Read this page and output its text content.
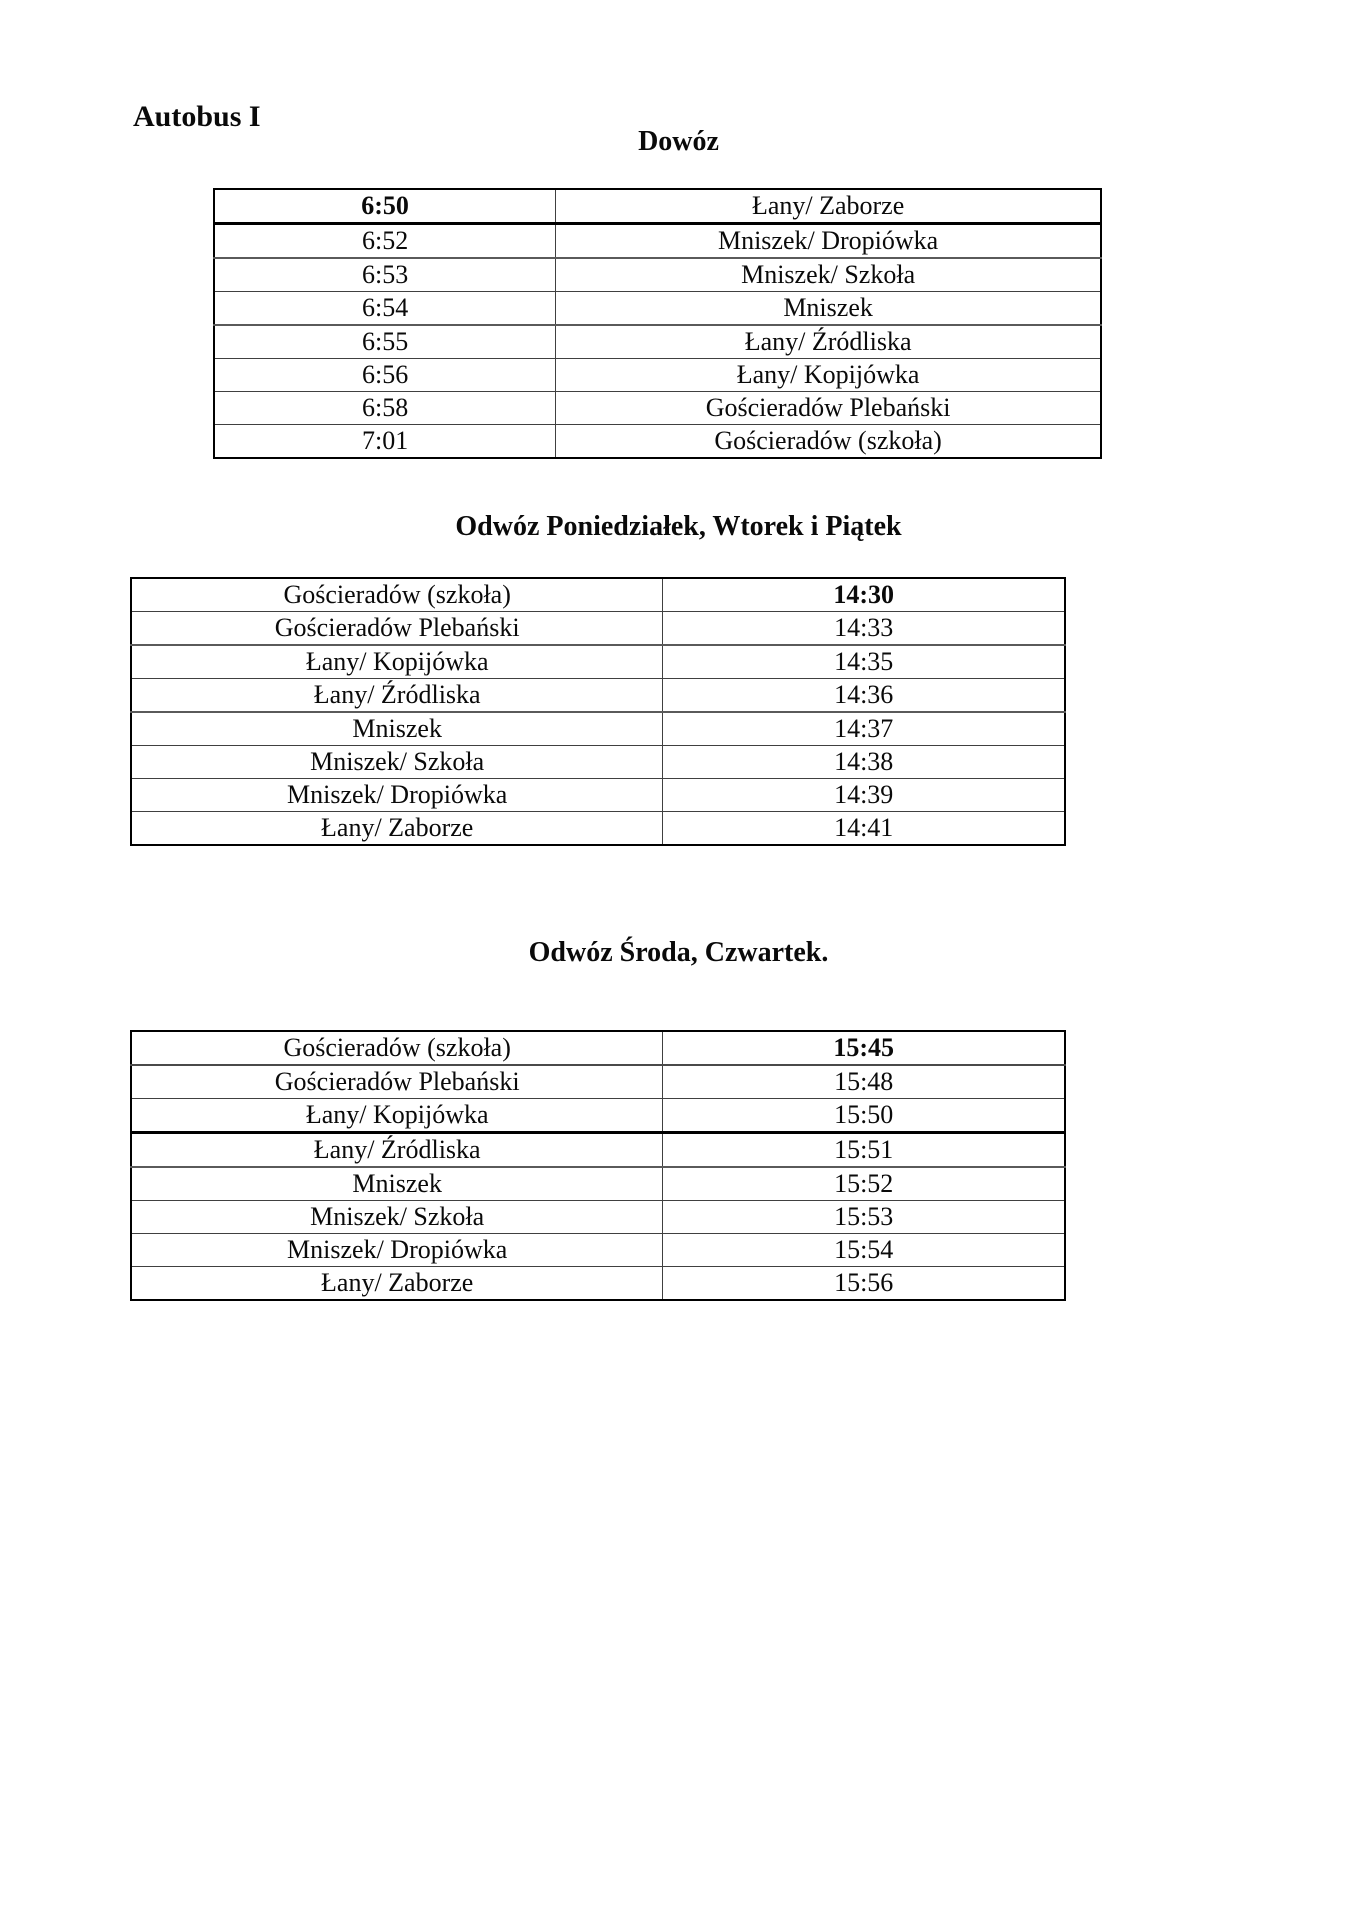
Autobus I
Dowóz
6:50	Łany/ Zaborze
6:52	Mniszek/ Dropiówka
6:53	Mniszek/ Szkoła
6:54	Mniszek
6:55	Łany/ Źródliska
6:56	Łany/ Kopijówka
6:58	Gościeradów Plebański
7:01	Gościeradów (szkoła)
Odwóz Poniedziałek, Wtorek i Piątek
Gościeradów (szkoła)	14:30
Gościeradów Plebański	14:33
Łany/ Kopijówka	14:35
Łany/ Źródliska	14:36
Mniszek	14:37
Mniszek/ Szkoła	14:38
Mniszek/ Dropiówka	14:39
Łany/ Zaborze	14:41
Odwóz Środa, Czwartek.
Gościeradów (szkoła)	15:45
Gościeradów Plebański	15:48
Łany/ Kopijówka	15:50
Łany/ Źródliska	15:51
Mniszek	15:52
Mniszek/ Szkoła	15:53
Mniszek/ Dropiówka	15:54
Łany/ Zaborze	15:56
